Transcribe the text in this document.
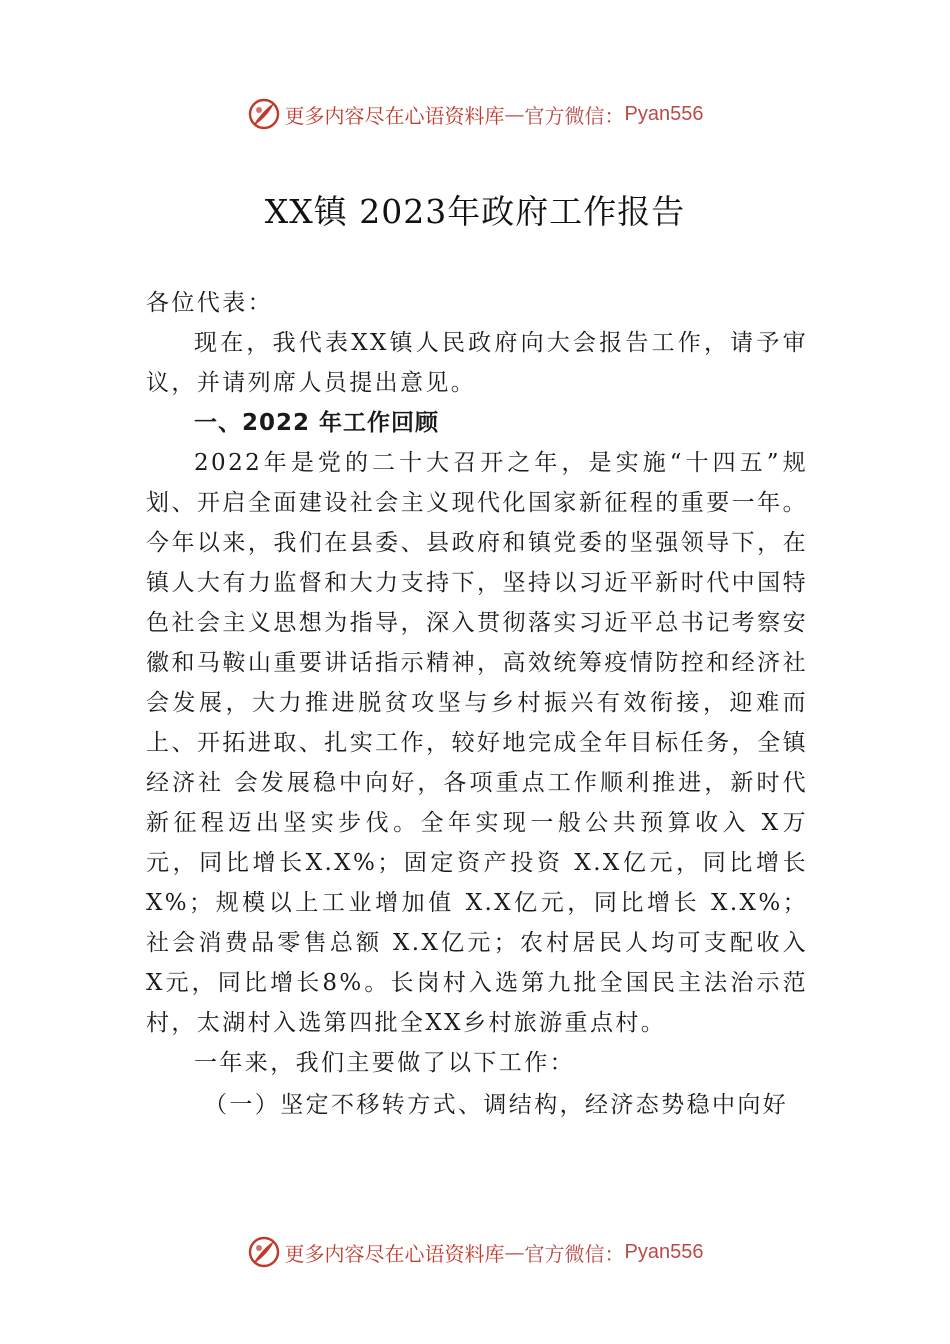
更多内容尽在心语资料库 — 官方微信： Pyan556
XX镇 2023年政府工作报告

各位代表：

现在，我代表XX镇人民政府向大会报告工作，请予审议，并请列席人员提出意见。

一、2022 年工作回顾

2022年是党的二十大召开之年，是实施“十四五”规划、开启全面建设社会主义现代化国家新征程的重要一年。今年以来，我们在县委、县政府和镇党委的坚强领导下，在镇人大有力监督和大力支持下，坚持以习近平新时代中国特色社会主义思想为指导，深入贯彻落实习近平总书记考察安徽和马鞍山重要讲话指示精神，高效统筹疫情防控和经济社会发展，大力推进脱贫攻坚与乡村振兴有效衔接，迎难而上、开拓进取、扎实工作，较好地完成全年目标任务，全镇经济社 会发展稳中向好，各项重点工作顺利推进，新时代新征程迈出坚实步伐。全年实现一般公共预算收入 X万元，同比增长X.X%；固定资产投资 X.X亿元，同比增长 X%；规模以上工业增加值 X.X亿元，同比增长 X.X%；社会消费品零售总额 X.X亿元；农村居民人均可支配收入 X元，同比增长8%。长岗村入选第九批全国民主法治示范村，太湖村入选第四批全XX乡村旅游重点村。

一年来，我们主要做了以下工作：

（一）坚定不移转方式、调结构，经济态势稳中向好

更多内容尽在心语资料库 — 官方微信： Pyan556
